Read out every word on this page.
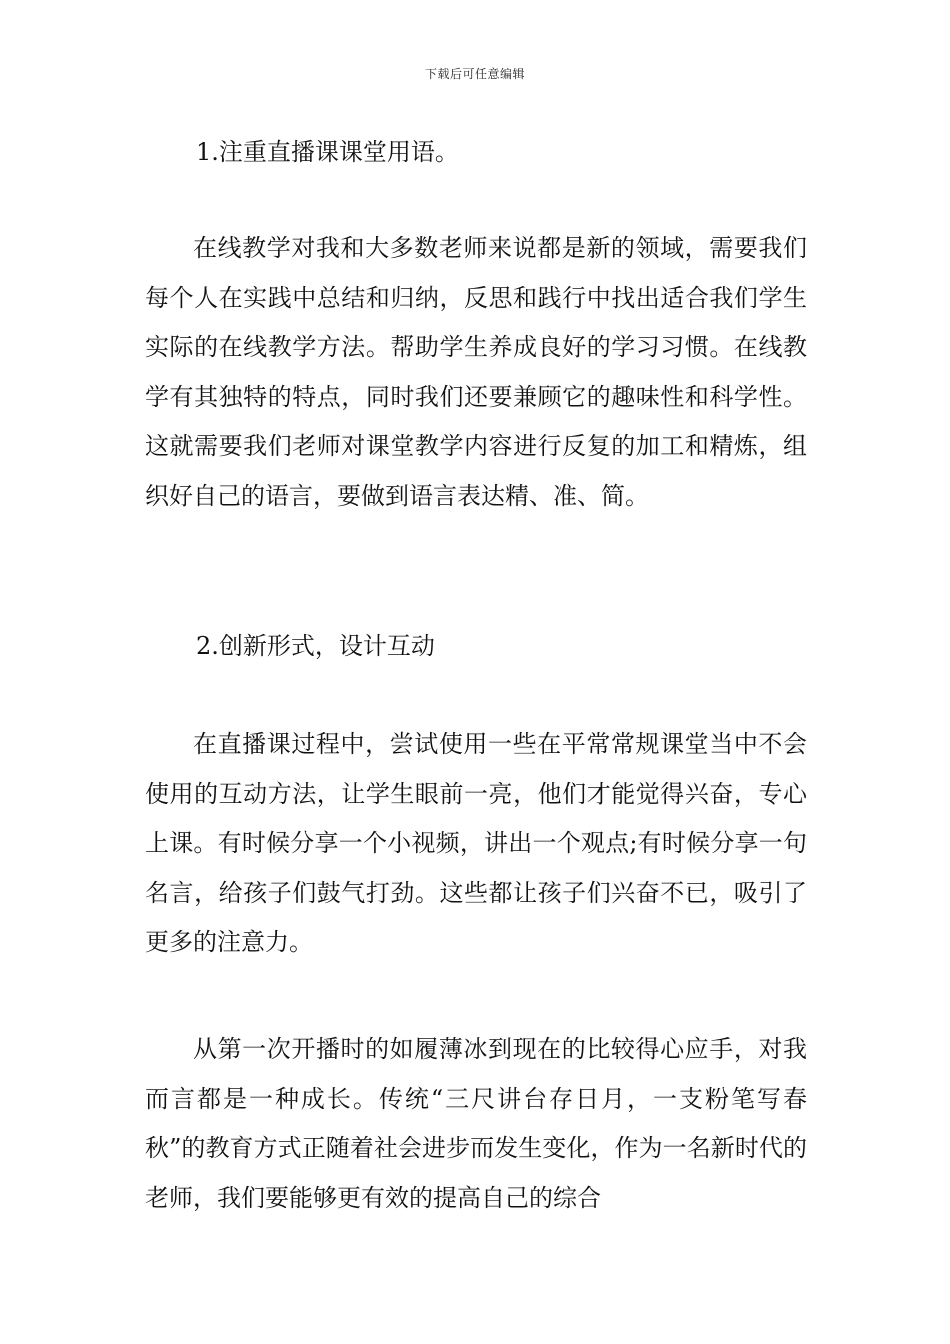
下载后可任意编辑

1.注重直播课课堂用语。

在线教学对我和大多数老师来说都是新的领域，需要我们每个人在实践中总结和归纳，反思和践行中找出适合我们学生实际的在线教学方法。帮助学生养成良好的学习习惯。在线教学有其独特的特点，同时我们还要兼顾它的趣味性和科学性。这就需要我们老师对课堂教学内容进行反复的加工和精炼，组织好自己的语言，要做到语言表达精、准、简。

2.创新形式，设计互动

在直播课过程中，尝试使用一些在平常常规课堂当中不会使用的互动方法，让学生眼前一亮，他们才能觉得兴奋，专心上课。有时候分享一个小视频，讲出一个观点;有时候分享一句名言，给孩子们鼓气打劲。这些都让孩子们兴奋不已，吸引了更多的注意力。

从第一次开播时的如履薄冰到现在的比较得心应手，对我而言都是一种成长。传统“三尺讲台存日月，一支粉笔写春秋”的教育方式正随着社会进步而发生变化，作为一名新时代的老师，我们要能够更有效的提高自己的综合
